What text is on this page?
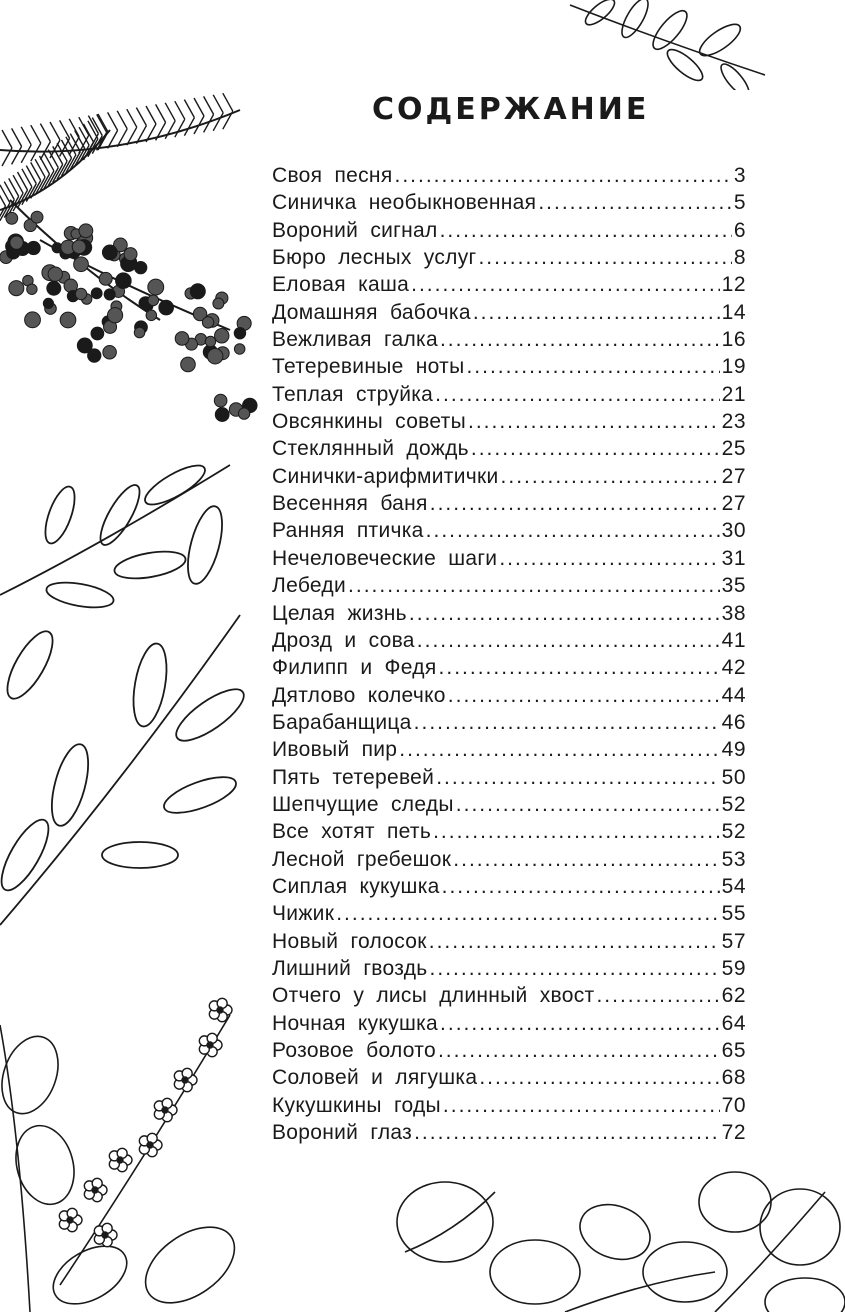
СОДЕРЖАНИЕ
Своя песня .....	3
Синичка необыкновенная .....	5
Вороний сигнал .....	6
Бюро лесных услуг .....	8
Еловая каша .....	12
Домашняя бабочка .....	14
Вежливая галка .....	16
Тетеревиные ноты .....	19
Теплая струйка .....	21
Овсянкины советы .....	23
Стеклянный дождь .....	25
Синички-арифмитички .....	27
Весенняя баня .....	27
Ранняя птичка .....	30
Нечеловеческие шаги .....	31
Лебеди .....	35
Целая жизнь .....	38
Дрозд и сова .....	41
Филипп и Федя .....	42
Дятлово колечко .....	44
Барабанщица .....	46
Ивовый пир .....	49
Пять тетеревей .....	50
Шепчущие следы .....	52
Все хотят петь .....	52
Лесной гребешок .....	53
Сиплая кукушка .....	54
Чижик .....	55
Новый голосок .....	57
Лишний гвоздь .....	59
Отчего у лисы длинный хвост .....	62
Ночная кукушка .....	64
Розовое болото .....	65
Соловей и лягушка .....	68
Кукушкины годы .....	70
Вороний глаз .....	72
